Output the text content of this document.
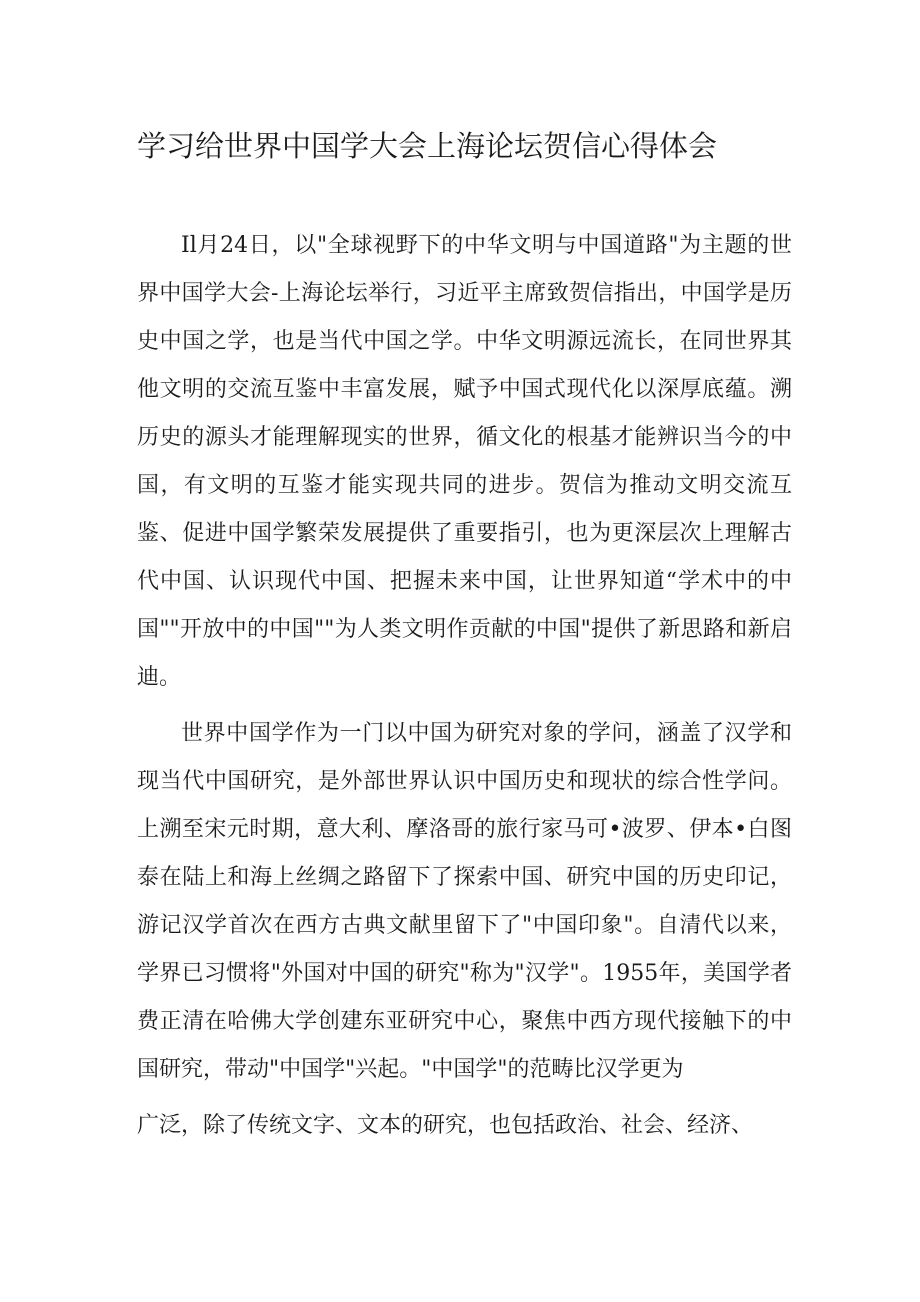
学习给世界中国学大会上海论坛贺信心得体会

Il月24日，以"全球视野下的中华文明与中国道路"为主题的世界中国学大会-上海论坛举行，习近平主席致贺信指出，中国学是历史中国之学，也是当代中国之学。中华文明源远流长，在同世界其他文明的交流互鉴中丰富发展，赋予中国式现代化以深厚底蕴。溯历史的源头才能理解现实的世界，循文化的根基才能辨识当今的中国，有文明的互鉴才能实现共同的进步。贺信为推动文明交流互鉴、促进中国学繁荣发展提供了重要指引，也为更深层次上理解古代中国、认识现代中国、把握未来中国，让世界知道“学术中的中国""开放中的中国""为人类文明作贡献的中国"提供了新思路和新启迪。

世界中国学作为一门以中国为研究对象的学问，涵盖了汉学和现当代中国研究，是外部世界认识中国历史和现状的综合性学问。上溯至宋元时期，意大利、摩洛哥的旅行家马可•波罗、伊本•白图泰在陆上和海上丝绸之路留下了探索中国、研究中国的历史印记，游记汉学首次在西方古典文献里留下了"中国印象"。自清代以来，学界已习惯将"外国对中国的研究"称为"汉学"。1955年，美国学者费正清在哈佛大学创建东亚研究中心，聚焦中西方现代接触下的中国研究，带动"中国学"兴起。"中国学"的范畴比汉学更为

广泛，除了传统文字、文本的研究，也包括政治、社会、经济、
